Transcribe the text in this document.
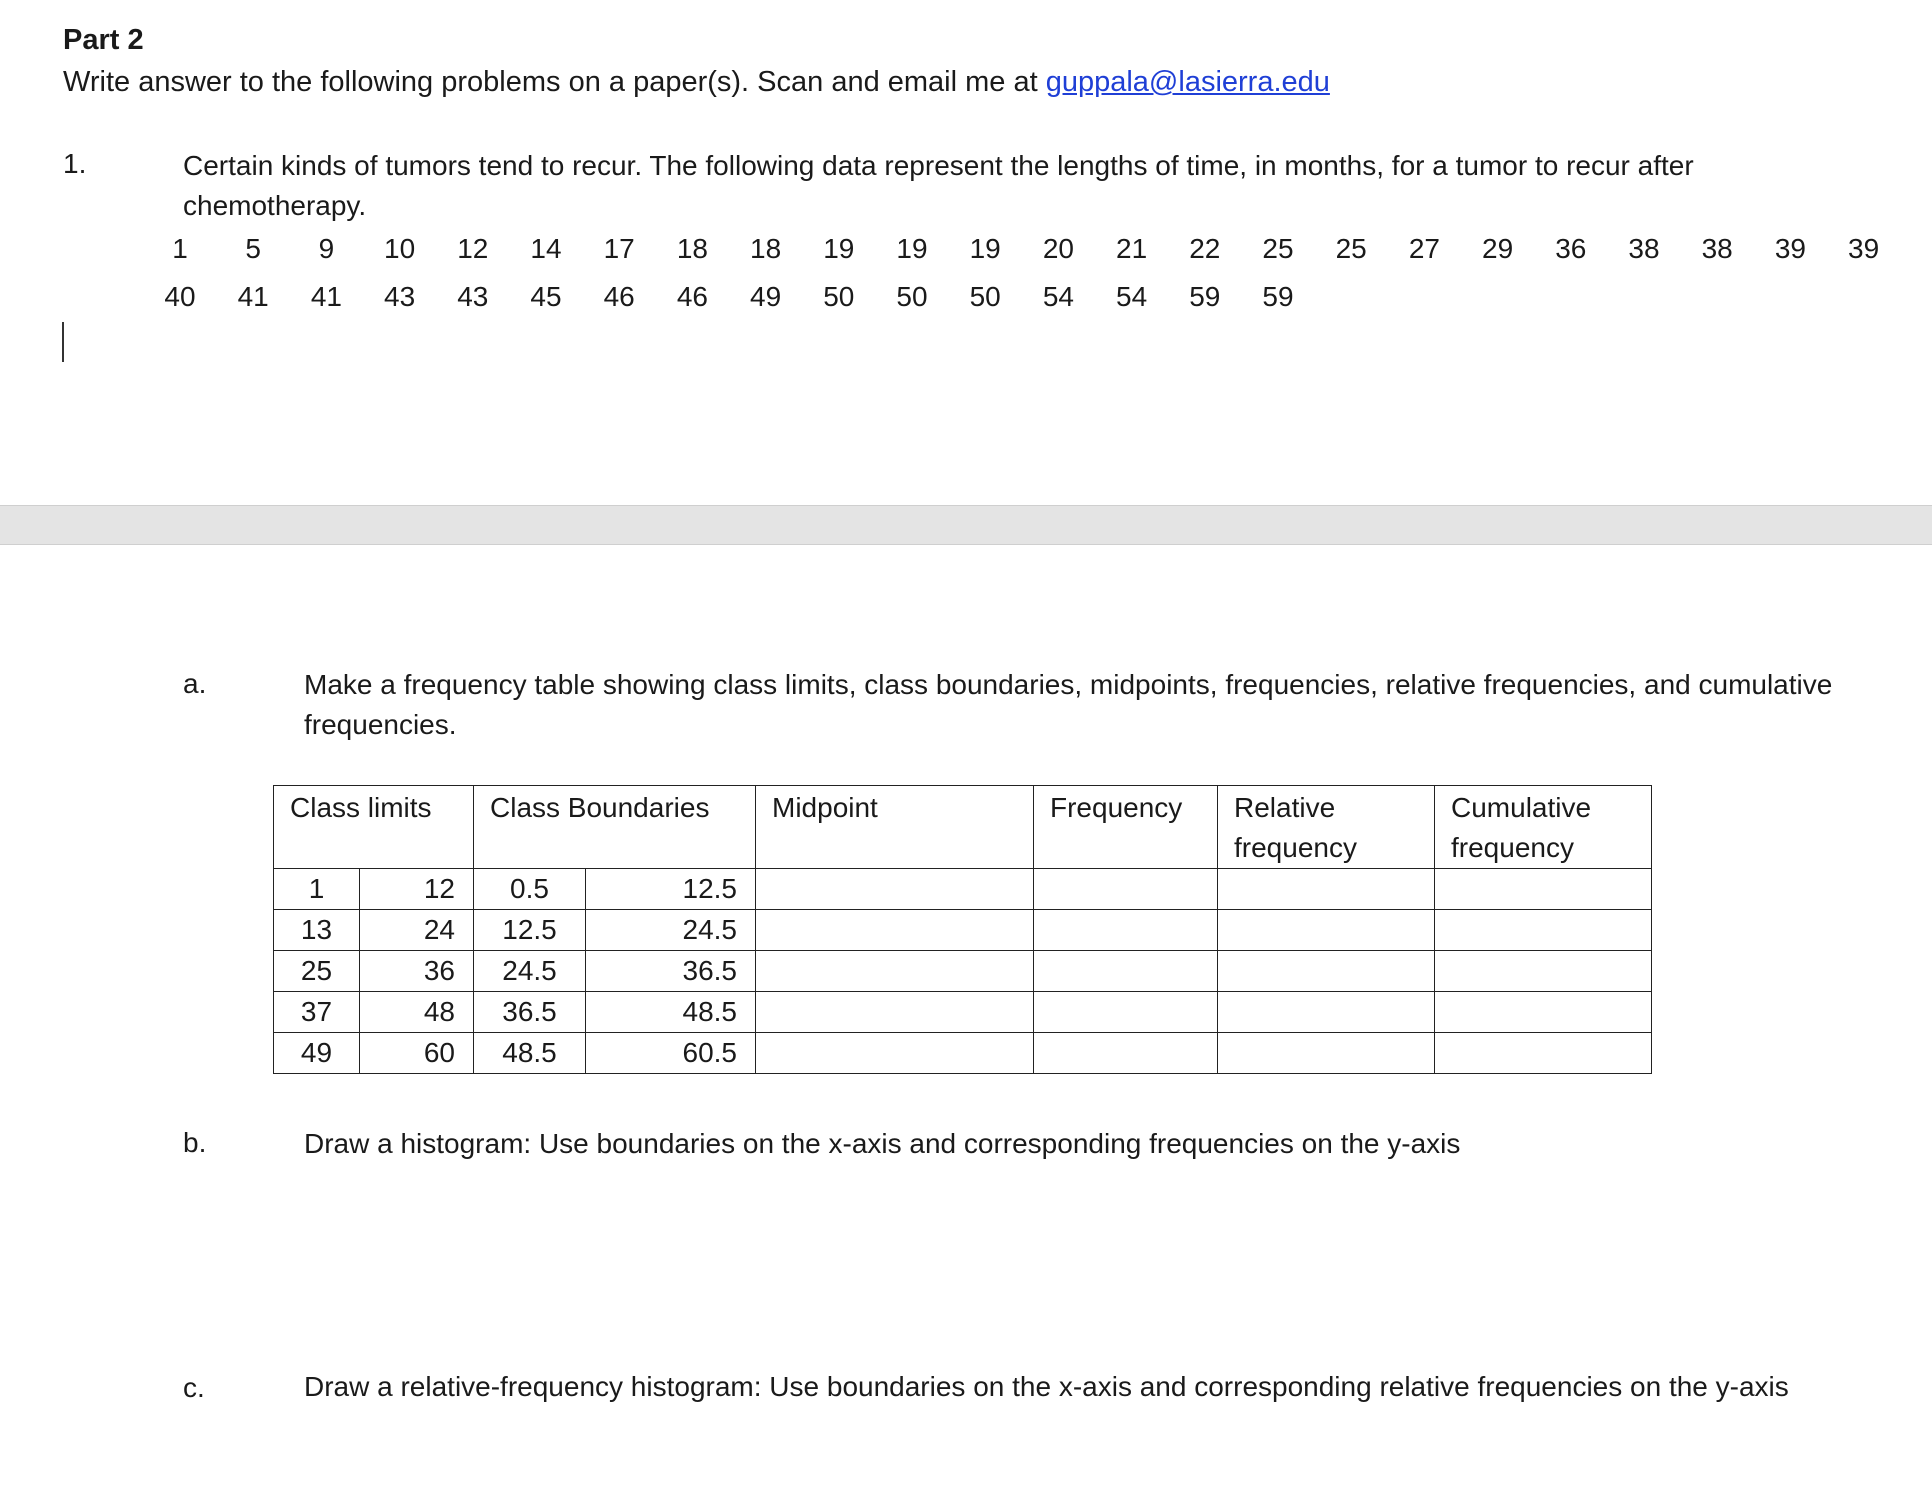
Part 2
Write answer to the following problems on a paper(s). Scan and email me at guppala@lasierra.edu
1.	Certain kinds of tumors tend to recur. The following data represent the lengths of time, in months, for a tumor to recur after chemotherapy.
1	5	9	10	12	14	17	18	18	19	19	19	20	21	22	25	25	27	29	36	38	38	39	39
40	41	41	43	43	45	46	46	49	50	50	50	54	54	59	59
a.	Make a frequency table showing class limits, class boundaries, midpoints, frequencies, relative frequencies, and cumulative frequencies.
Class limits		Class Boundaries		Midpoint	Frequency	Relative frequency	Cumulative frequency
1	12	0.5	12.5				
13	24	12.5	24.5				
25	36	24.5	36.5				
37	48	36.5	48.5				
49	60	48.5	60.5				
b.	Draw a histogram: Use boundaries on the x-axis and corresponding frequencies on the y-axis
c.	Draw a relative-frequency histogram: Use boundaries on the x-axis and corresponding relative frequencies on the y-axis
